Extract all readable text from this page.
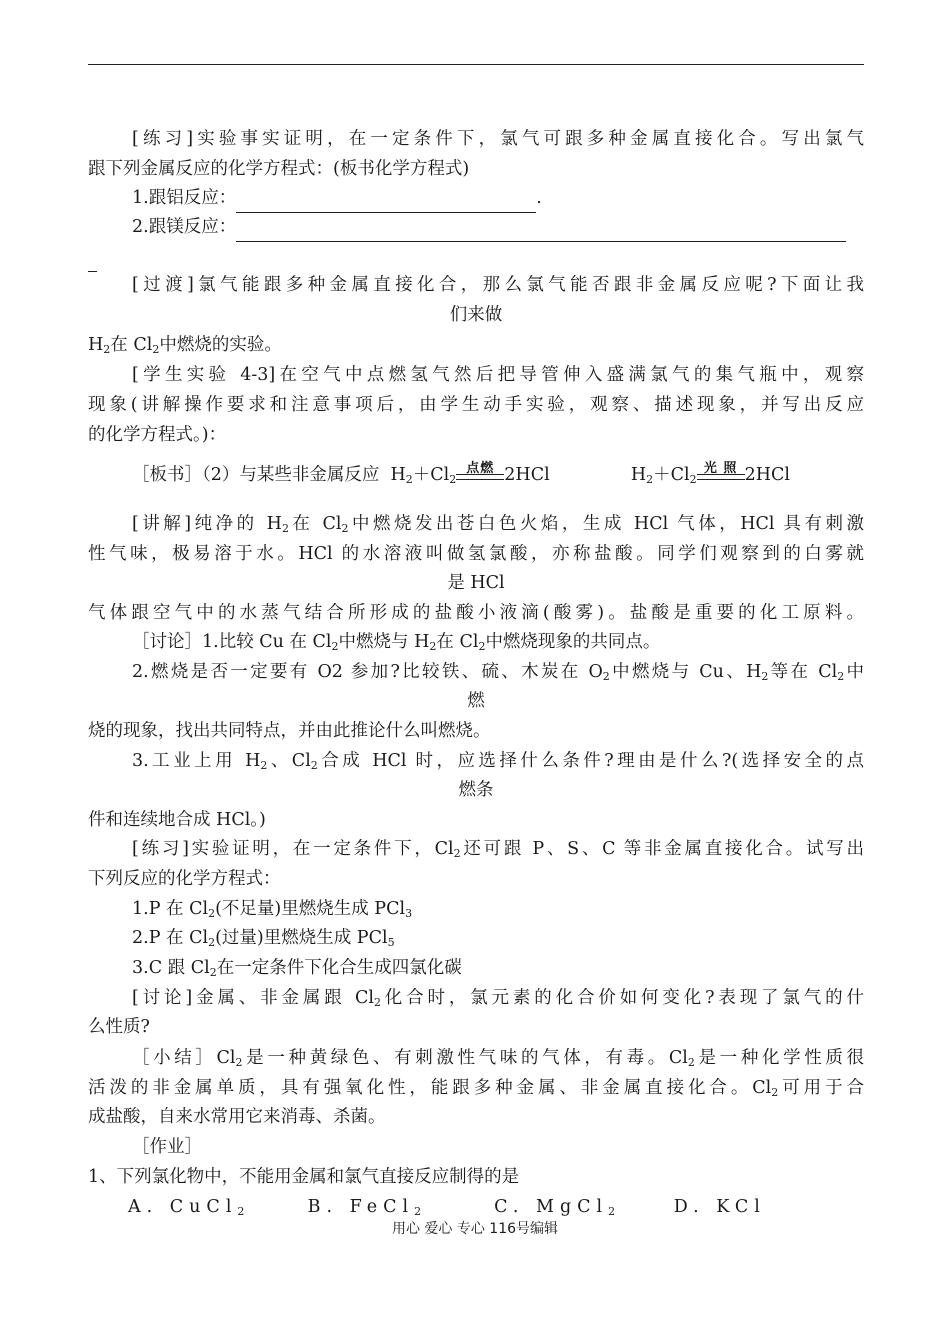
[练习]实验事实证明，在一定条件下，氯气可跟多种金属直接化合。写出氯气
跟下列金属反应的化学方程式：(板书化学方程式)
1.跟铝反应：	.
2.跟镁反应：
[过渡]氯气能跟多种金属直接化合，那么氯气能否跟非金属反应呢?下面让我
们来做
$H_2$在 $Cl_2$中燃烧的实验。
[学生实验 4-3]在空气中点燃氢气然后把导管伸入盛满氯气的集气瓶中，观察
现象(讲解操作要求和注意事项后，由学生动手实验，观察、描述现象，并写出反应
的化学方程式。)：
［板书］（2）与某些非金属反应 $H_2+Cl_2$
点燃 2HCl	$H_2+Cl_2$
光 照 2HCl
[讲解]纯净的 $H_2$在 $Cl_2$中燃烧发出苍白色火焰，生成 HCl 气体，HCl 具有刺激
性气味，极易溶于水。HCl 的水溶液叫做氢氯酸，亦称盐酸。同学们观察到的白雾就
是 HCl
气体跟空气中的水蒸气结合所形成的盐酸小液滴(酸雾)。盐酸是重要的化工原料。
［讨论］1.比较 Cu 在 $Cl_2$中燃烧与 $H_2$在 $Cl_2$中燃烧现象的共同点。
2.燃烧是否一定要有 O2 参加?比较铁、硫、木炭在 $O_2$中燃烧与 Cu、$H_2$等在 $Cl_2$中
燃
烧的现象，找出共同特点，并由此推论什么叫燃烧。
3.工业上用 $H_2$、$Cl_2$合成 HCl 时，应选择什么条件?理由是什么?(选择安全的点
燃条
件和连续地合成 HCl。)
[练习]实验证明，在一定条件下，$Cl_2$还可跟 P、S、C 等非金属直接化合。试写出
下列反应的化学方程式：
1.P 在 $Cl_2$(不足量)里燃烧生成 PCl$_3$
2.P 在 $Cl_2$(过量)里燃烧生成 PCl$_5$
3.C 跟 $Cl_2$在一定条件下化合生成四氯化碳
[讨论]金属、非金属跟 $Cl_2$化合时，氯元素的化合价如何变化?表现了氯气的什
么性质?
［小结$]Cl_2$是一种黄绿色、有刺激性气味的气体，有毒。$Cl_2$是一种化学性质很
活泼的非金属单质，具有强氧化性，能跟多种金属、非金属直接化合。$Cl_2$可用于合
成盐酸，自来水常用它来消毒、杀菌。
［作业］
1、下列氯化物中，不能用金属和氯气直接反应制得的是
A. CuCl$_2$	B. FeCl$_2$	C. MgCl$_2$	D. KCl
用心 爱心 专心 116号编辑
